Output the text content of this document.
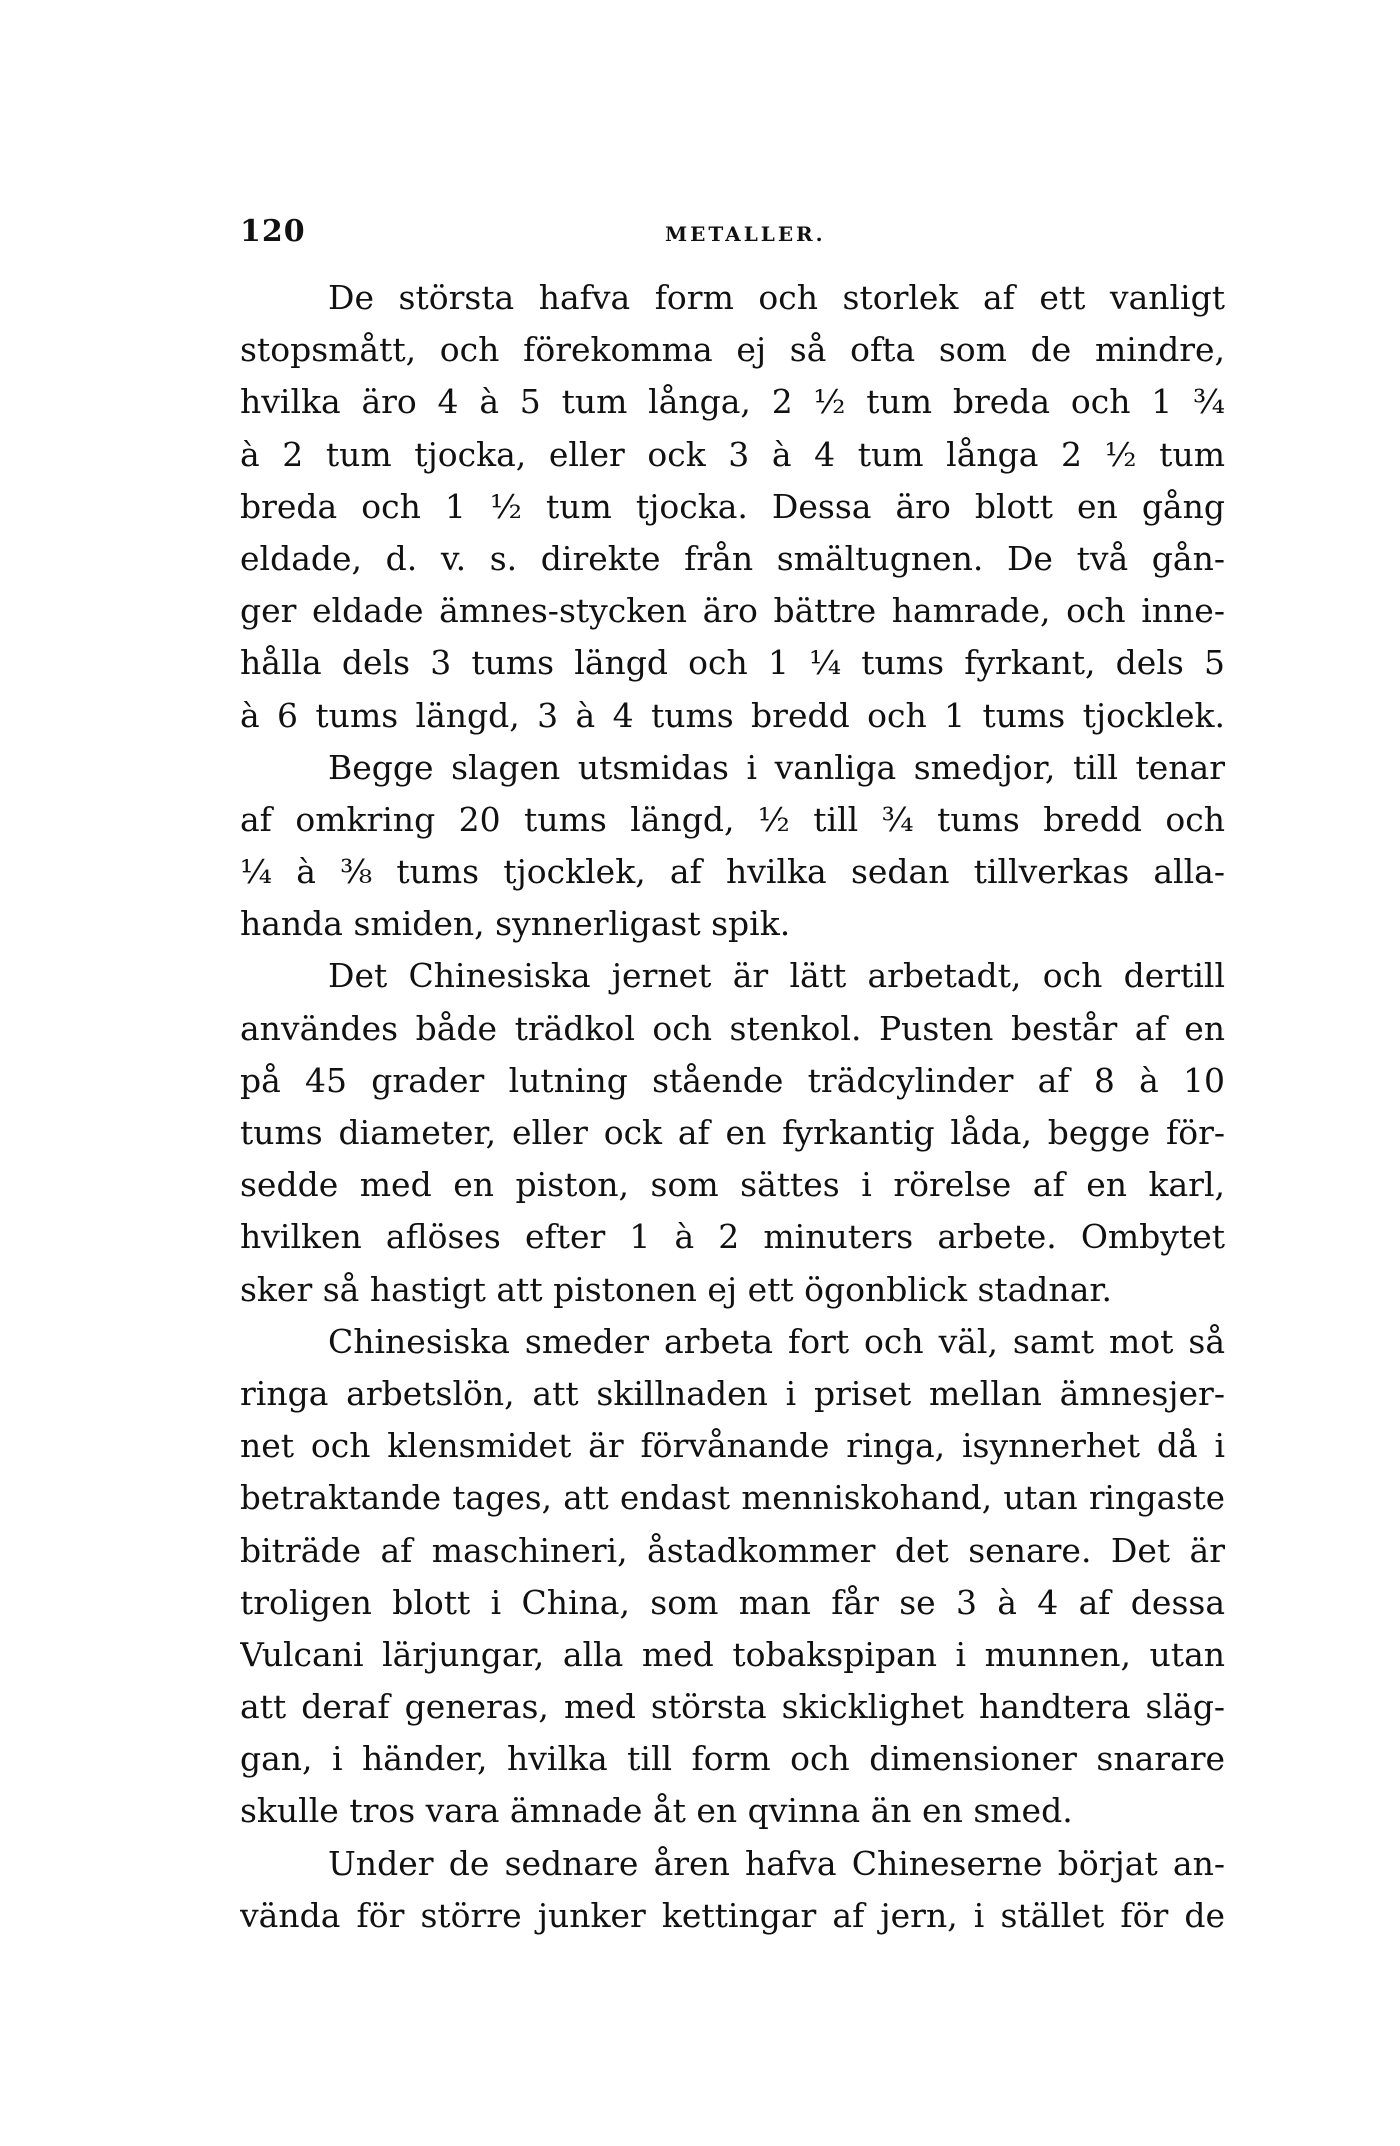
120	METALLER.
De största hafva form och storlek af ett vanligt
stopsmått, och förekomma ej så ofta som de mindre,
hvilka äro 4 à 5 tum långa, 2 ½ tum breda och 1 ¾
à 2 tum tjocka, eller ock 3 à 4 tum långa 2 ½ tum
breda och 1 ½ tum tjocka. Dessa äro blott en gång
eldade, d. v. s. direkte från smältugnen. De två gån-
ger eldade ämnes-stycken äro bättre hamrade, och inne-
hålla dels 3 tums längd och 1 ¼ tums fyrkant, dels 5
à 6 tums längd, 3 à 4 tums bredd och 1 tums tjocklek.
Begge slagen utsmidas i vanliga smedjor, till tenar
af omkring 20 tums längd, ½ till ¾ tums bredd och
¼ à ⅜ tums tjocklek, af hvilka sedan tillverkas alla-
handa smiden, synnerligast spik.
Det Chinesiska jernet är lätt arbetadt, och dertill
användes både trädkol och stenkol. Pusten består af en
på 45 grader lutning stående trädcylinder af 8 à 10
tums diameter, eller ock af en fyrkantig låda, begge för-
sedde med en piston, som sättes i rörelse af en karl,
hvilken aflöses efter 1 à 2 minuters arbete. Ombytet
sker så hastigt att pistonen ej ett ögonblick stadnar.
Chinesiska smeder arbeta fort och väl, samt mot så
ringa arbetslön, att skillnaden i priset mellan ämnesjer-
net och klensmidet är förvånande ringa, isynnerhet då i
betraktande tages, att endast menniskohand, utan ringaste
biträde af maschineri, åstadkommer det senare. Det är
troligen blott i China, som man får se 3 à 4 af dessa
Vulcani lärjungar, alla med tobakspipan i munnen, utan
att deraf generas, med största skicklighet handtera släg-
gan, i händer, hvilka till form och dimensioner snarare
skulle tros vara ämnade åt en qvinna än en smed.
Under de sednare åren hafva Chineserne börjat an-
vända för större junker kettingar af jern, i stället för de
